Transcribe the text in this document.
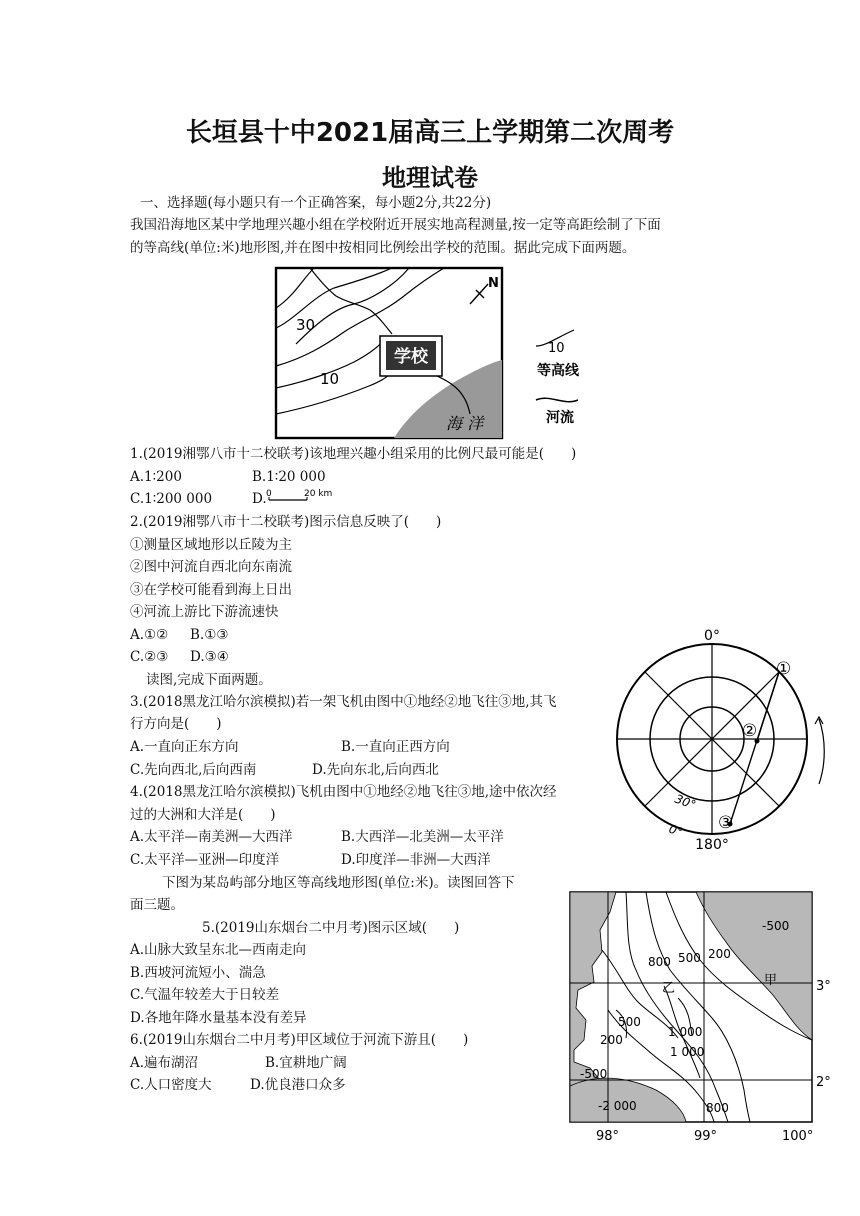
长垣县十中2021届高三上学期第二次周考
地理试卷
一、选择题(每小题只有一个正确答案，每小题2分,共22分)
我国沿海地区某中学地理兴趣小组在学校附近开展实地高程测量,按一定等高距绘制了下面
的等高线(单位:米)地形图,并在图中按相同比例绘出学校的范围。据此完成下面两题。
学校
30
10
海 洋
N
10
等高线
河流
1.(2019湘鄂八市十二校联考)该地理兴趣小组采用的比例尺最可能是(　　)
A.1∶200	B.1∶20 000
C.1∶200 000	D. 0	20 km
2.(2019湘鄂八市十二校联考)图示信息反映了(　　)
①测量区域地形以丘陵为主
②图中河流自西北向东南流
③在学校可能看到海上日出
④河流上游比下游流速快
A.①② B.①③
C.②③ D.③④
0°
180°
30°
0°
①
②
③
读图,完成下面两题。
3.(2018黑龙江哈尔滨模拟)若一架飞机由图中①地经②地飞往③地,其飞
行方向是(　　)
A.一直向正东方向	B.一直向正西方向
C.先向西北,后向西南	D.先向东北,后向西北
4.(2018黑龙江哈尔滨模拟)飞机由图中①地经②地飞往③地,途中依次经
过的大洲和大洋是(　　)
A.太平洋—南美洲—大西洋	B.大西洋—北美洲—太平洋
C.太平洋—亚洲—印度洋	D.印度洋—非洲—大西洋
下图为某岛屿部分地区等高线地形图(单位:米)。读图回答下
面三题。
-500
800 500 200
甲
乙
500
200
1 000
1 000
-500
-2 000	800
3°
2°
98°	99°	100°
5.(2019山东烟台二中月考)图示区域(　　)
A.山脉大致呈东北—西南走向
B.西坡河流短小、湍急
C.气温年较差大于日较差
D.各地年降水量基本没有差异
6.(2019山东烟台二中月考)甲区域位于河流下游且(　　)
A.遍布湖沼	B.宜耕地广阔
C.人口密度大	D.优良港口众多
